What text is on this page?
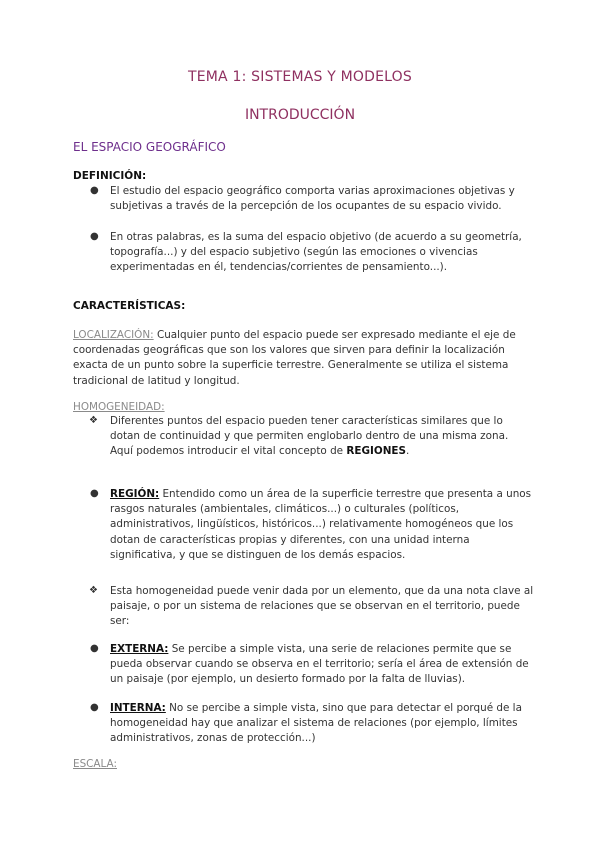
TEMA 1: SISTEMAS Y MODELOS
INTRODUCCIÓN
EL ESPACIO GEOGRÁFICO
DEFINICIÓN:
● El estudio del espacio geográfico comporta varias aproximaciones objetivas y subjetivas a través de la percepción de los ocupantes de su espacio vivido.
● En otras palabras, es la suma del espacio objetivo (de acuerdo a su geometría, topografía...) y del espacio subjetivo (según las emociones o vivencias experimentadas en él, tendencias/corrientes de pensamiento...).
CARACTERÍSTICAS:
LOCALIZACIÓN: Cualquier punto del espacio puede ser expresado mediante el eje de coordenadas geográficas que son los valores que sirven para definir la localización exacta de un punto sobre la superficie terrestre. Generalmente se utiliza el sistema tradicional de latitud y longitud.
HOMOGENEIDAD:
❖ Diferentes puntos del espacio pueden tener características similares que lo dotan de continuidad y que permiten englobarlo dentro de una misma zona.
Aquí podemos introducir el vital concepto de REGIONES.
● REGIÓN: Entendido como un área de la superficie terrestre que presenta a unos rasgos naturales (ambientales, climáticos...) o culturales (políticos, administrativos, lingüísticos, históricos...) relativamente homogéneos que los dotan de características propias y diferentes, con una unidad interna significativa, y que se distinguen de los demás espacios.
❖ Esta homogeneidad puede venir dada por un elemento, que da una nota clave al paisaje, o por un sistema de relaciones que se observan en el territorio, puede ser:
● EXTERNA: Se percibe a simple vista, una serie de relaciones permite que se pueda observar cuando se observa en el territorio; sería el área de extensión de un paisaje (por ejemplo, un desierto formado por la falta de lluvias).
● INTERNA: No se percibe a simple vista, sino que para detectar el porqué de la homogeneidad hay que analizar el sistema de relaciones (por ejemplo, límites administrativos, zonas de protección...)
ESCALA:
